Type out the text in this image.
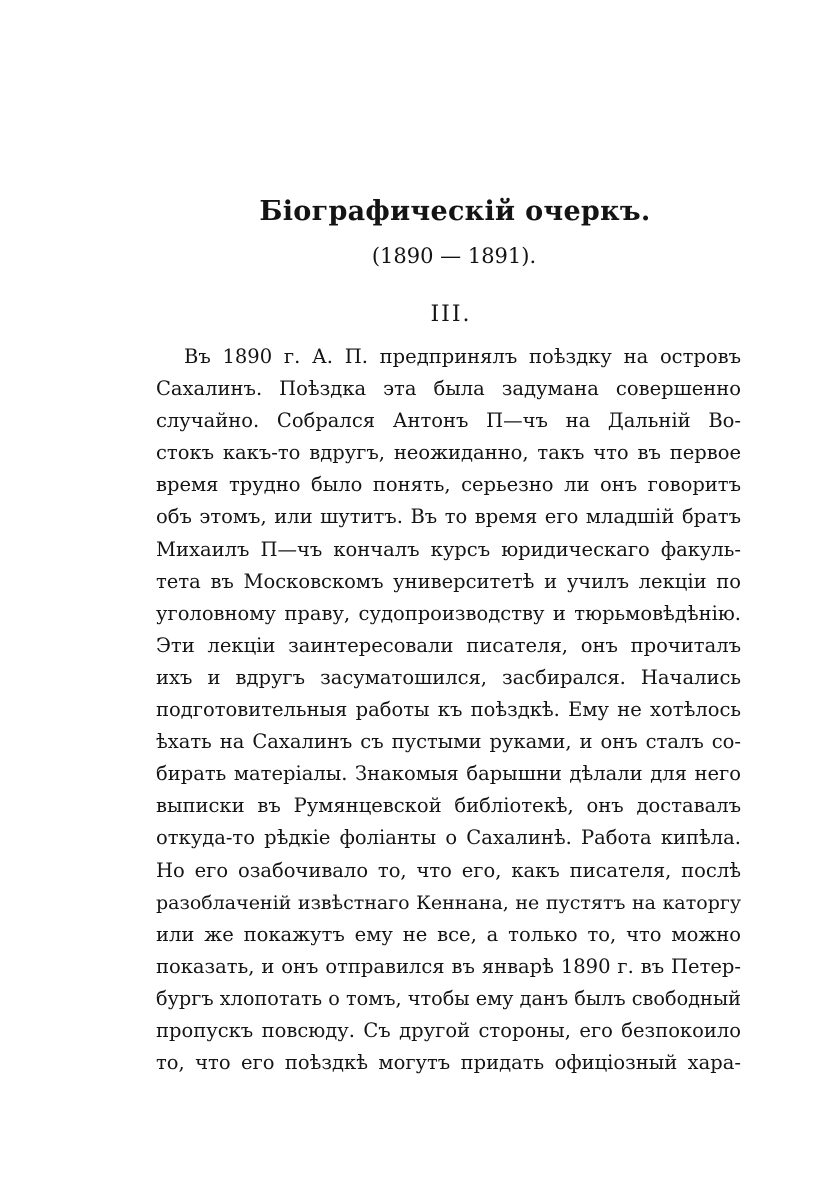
Біографическій очеркъ.
(1890 — 1891).
III.
Въ 1890 г. А. П. предпринялъ поѣздку на островъ
Сахалинъ. Поѣздка эта была задумана совершенно
случайно. Собрался Антонъ П—чъ на Дальній Во-
стокъ какъ-то вдругъ, неожиданно, такъ что въ первое
время трудно было понять, серьезно ли онъ говоритъ
объ этомъ, или шутитъ. Въ то время его младшій братъ
Михаилъ П—чъ кончалъ курсъ юридическаго факуль-
тета въ Московскомъ университетѣ и училъ лекціи по
уголовному праву, судопроизводству и тюрьмовѣдѣнію.
Эти лекціи заинтересовали писателя, онъ прочиталъ
ихъ и вдругъ засуматошился, засбирался. Начались
подготовительныя работы къ поѣздкѣ. Ему не хотѣлось
ѣхать на Сахалинъ съ пустыми руками, и онъ сталъ со-
бирать матеріалы. Знакомыя барышни дѣлали для него
выписки въ Румянцевской библіотекѣ, онъ доставалъ
откуда-то рѣдкіе фоліанты о Сахалинѣ. Работа кипѣла.
Но его озабочивало то, что его, какъ писателя, послѣ
разоблаченій извѣстнаго Кеннана, не пустятъ на каторгу
или же покажутъ ему не все, а только то, что можно
показать, и онъ отправился въ январѣ 1890 г. въ Петер-
бургъ хлопотать о томъ, чтобы ему данъ былъ свободный
пропускъ повсюду. Съ другой стороны, его безпокоило
то, что его поѣздкѣ могутъ придать офиціозный хара-
